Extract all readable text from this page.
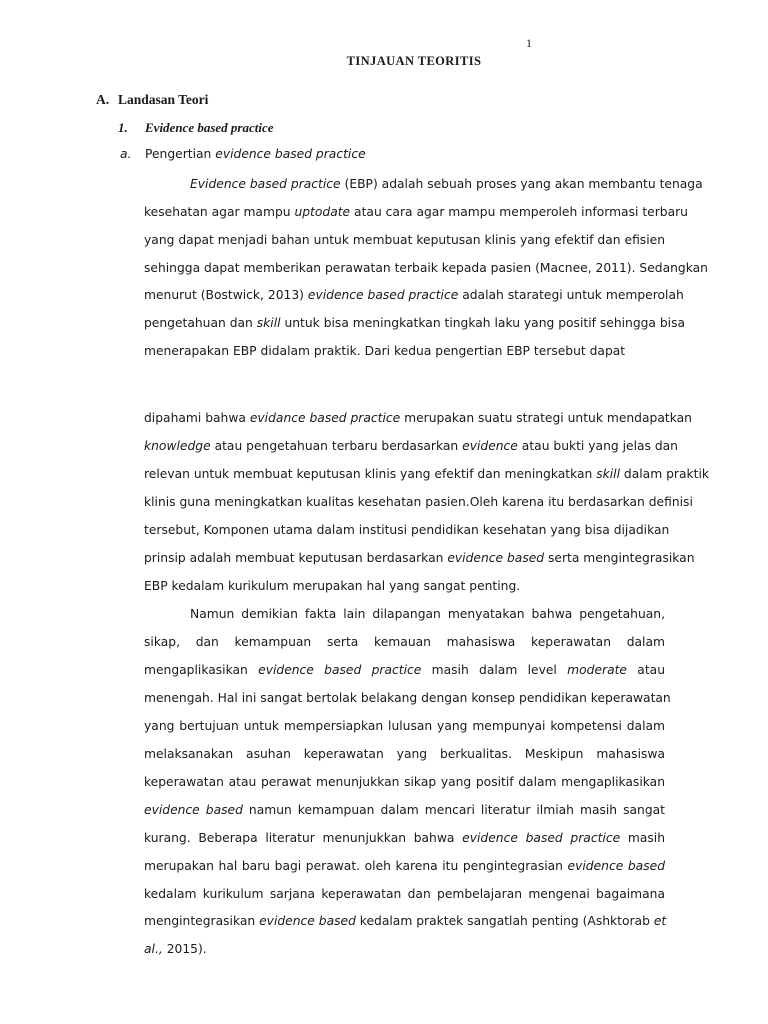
1
TINJAUAN TEORITIS
A. Landasan Teori
1. Evidence based practice
a. Pengertian evidence based practice
Evidence based practice (EBP) adalah sebuah proses yang akan membantu tenaga
kesehatan agar mampu uptodate atau cara agar mampu memperoleh informasi terbaru
yang dapat menjadi bahan untuk membuat keputusan klinis yang efektif dan efisien
sehingga dapat memberikan perawatan terbaik kepada pasien (Macnee, 2011). Sedangkan
menurut (Bostwick, 2013) evidence based practice adalah starategi untuk memperolah
pengetahuan dan skill untuk bisa meningkatkan tingkah laku yang positif sehingga bisa
menerapakan EBP didalam praktik. Dari kedua pengertian EBP tersebut dapat
dipahami bahwa evidance based practice merupakan suatu strategi untuk mendapatkan
knowledge atau pengetahuan terbaru berdasarkan evidence atau bukti yang jelas dan
relevan untuk membuat keputusan klinis yang efektif dan meningkatkan skill dalam praktik
klinis guna meningkatkan kualitas kesehatan pasien.Oleh karena itu berdasarkan definisi
tersebut, Komponen utama dalam institusi pendidikan kesehatan yang bisa dijadikan
prinsip adalah membuat keputusan berdasarkan evidence based serta mengintegrasikan
EBP kedalam kurikulum merupakan hal yang sangat penting.
Namun demikian fakta lain dilapangan menyatakan bahwa pengetahuan,
sikap, dan kemampuan serta kemauan mahasiswa keperawatan dalam
mengaplikasikan evidence based practice masih dalam level moderate atau
menengah. Hal ini sangat bertolak belakang dengan konsep pendidikan keperawatan
yang bertujuan untuk mempersiapkan lulusan yang mempunyai kompetensi dalam
melaksanakan asuhan keperawatan yang berkualitas. Meskipun mahasiswa
keperawatan atau perawat menunjukkan sikap yang positif dalam mengaplikasikan
evidence based namun kemampuan dalam mencari literatur ilmiah masih sangat
kurang. Beberapa literatur menunjukkan bahwa evidence based practice masih
merupakan hal baru bagi perawat. oleh karena itu pengintegrasian evidence based
kedalam kurikulum sarjana keperawatan dan pembelajaran mengenai bagaimana
mengintegrasikan evidence based kedalam praktek sangatlah penting (Ashktorab et
al., 2015).
